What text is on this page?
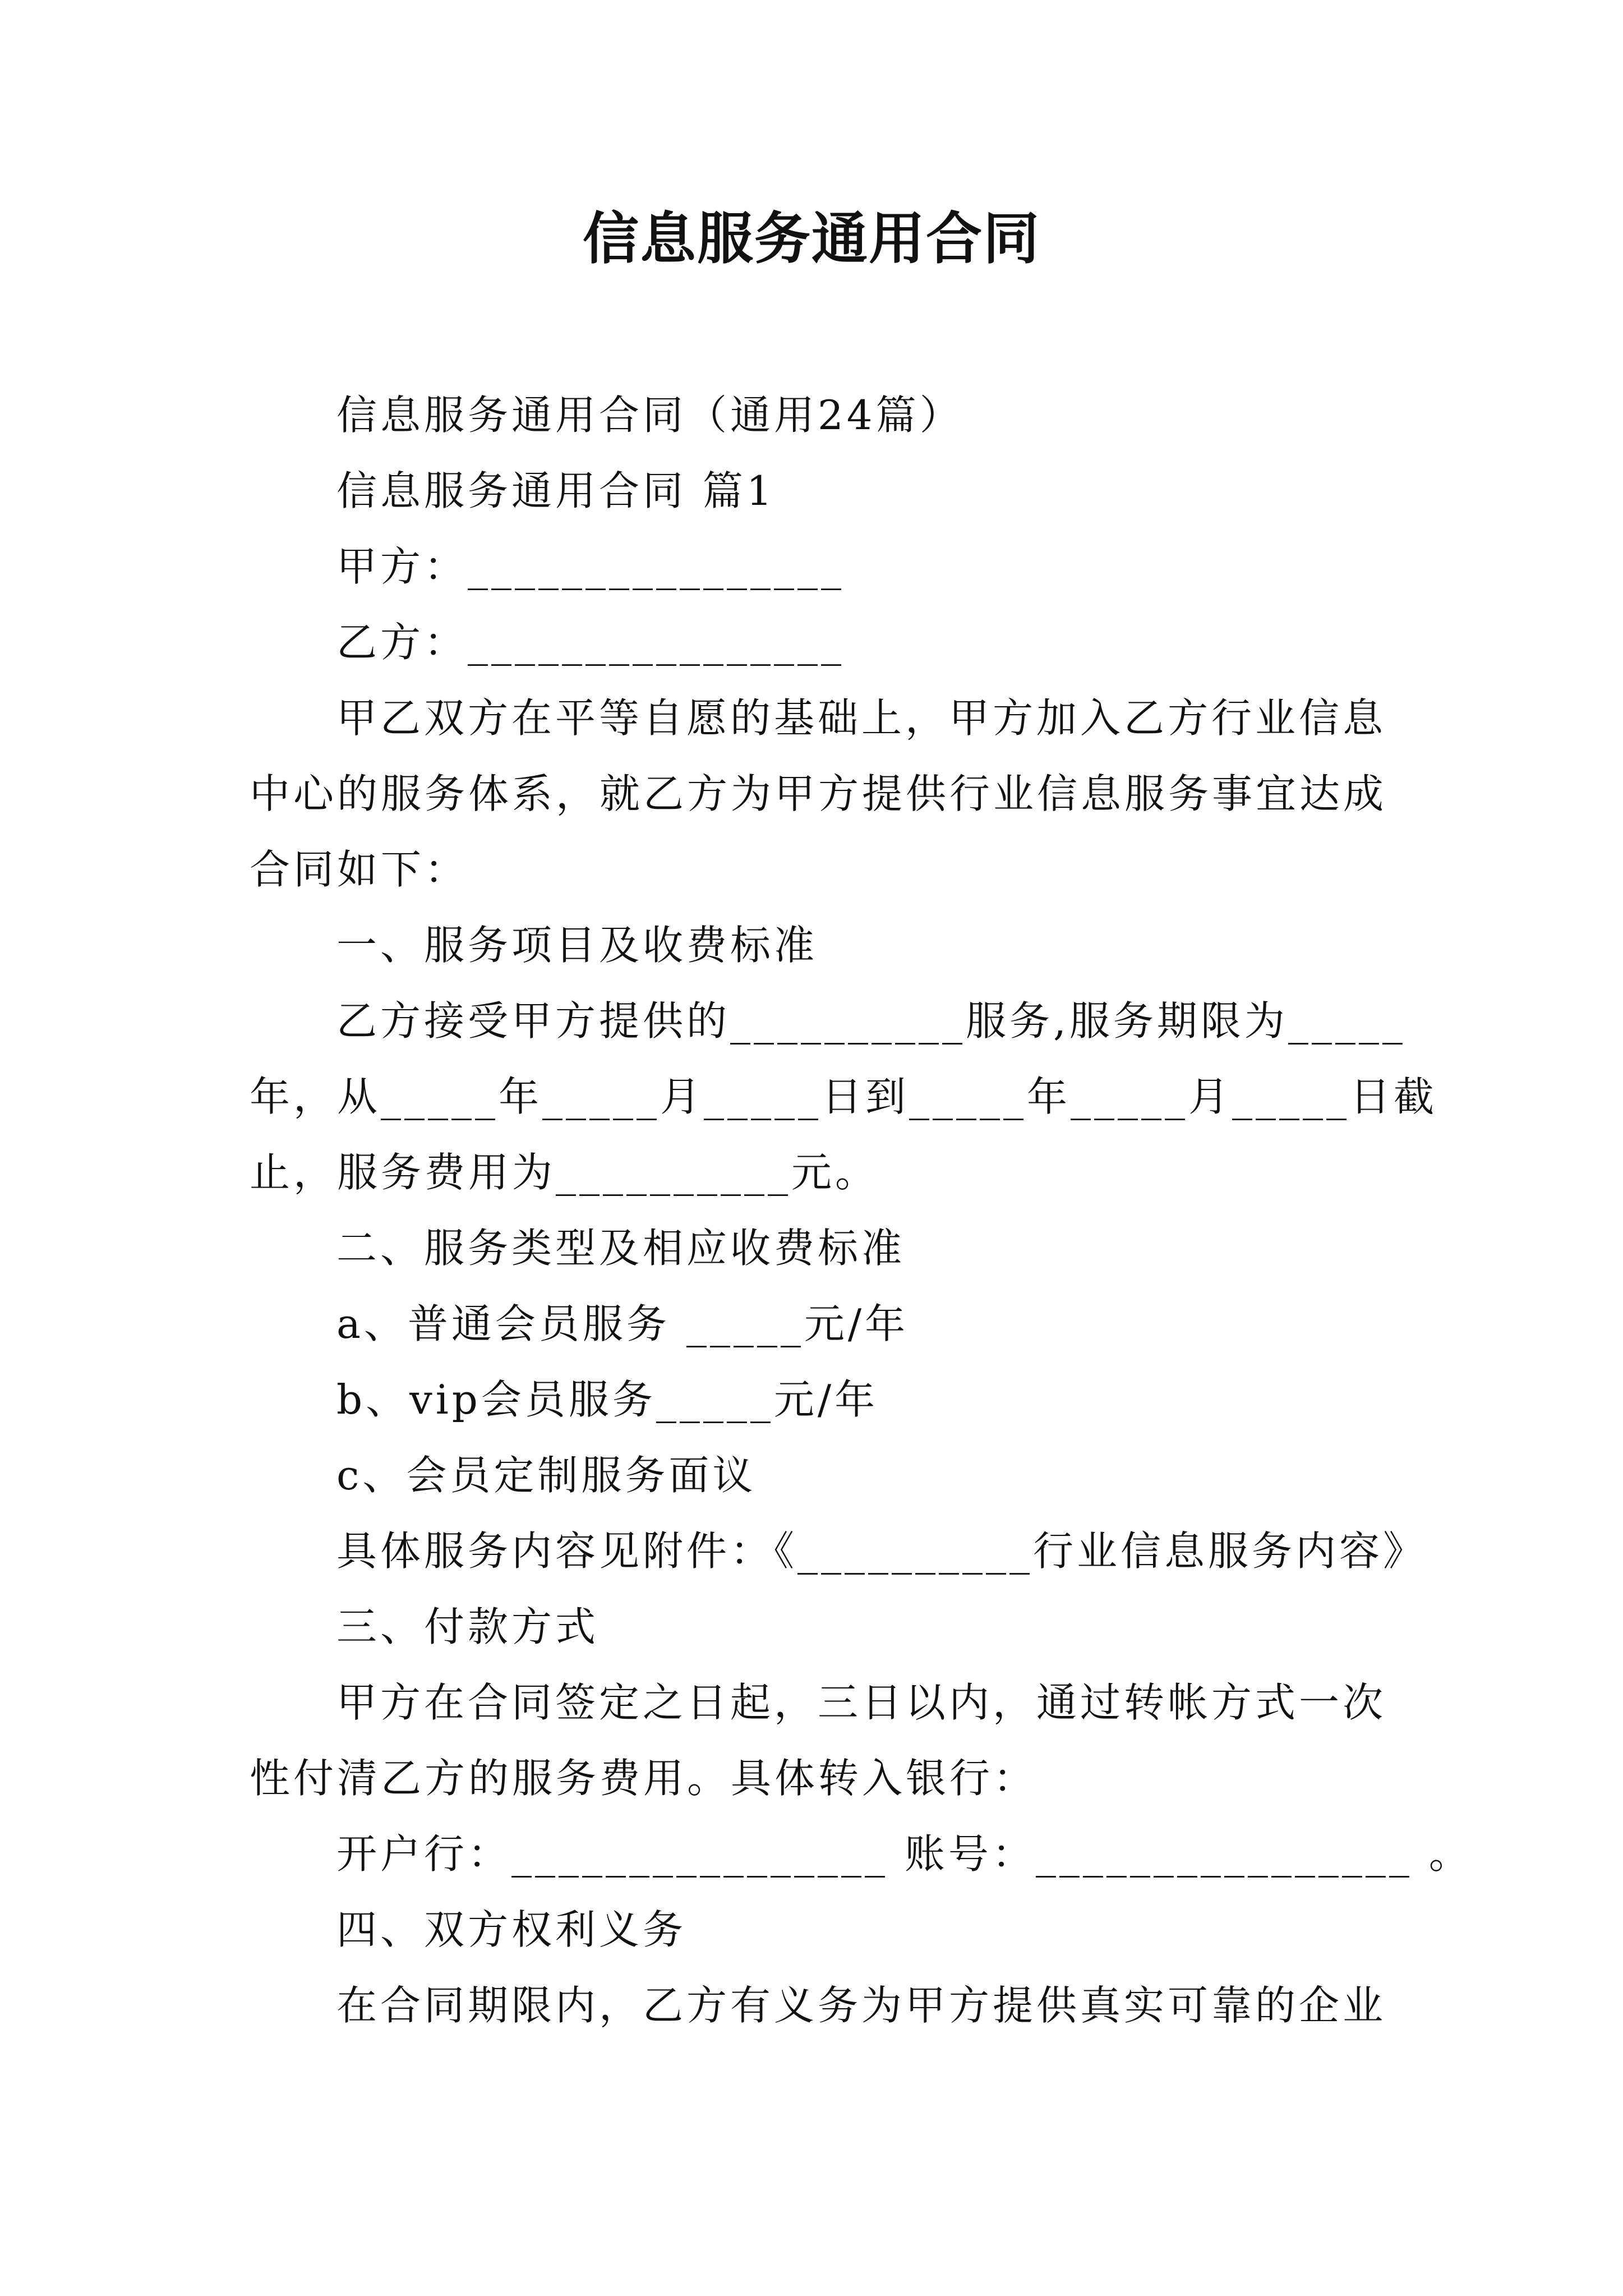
信息服务通用合同
信息服务通用合同（通用24篇）
信息服务通用合同 篇1
甲方：________________
乙方：________________
甲乙双方在平等自愿的基础上，甲方加入乙方行业信息
中心的服务体系，就乙方为甲方提供行业信息服务事宜达成
合同如下：
一、服务项目及收费标准
乙方接受甲方提供的__________服务,服务期限为_____
年，从_____年_____月_____日到_____年_____月_____日截
止，服务费用为__________元。
二、服务类型及相应收费标准
a、普通会员服务 _____元/年
b、vip会员服务_____元/年
c、会员定制服务面议
具体服务内容见附件：《__________行业信息服务内容》
三、付款方式
甲方在合同签定之日起，三日以内，通过转帐方式一次
性付清乙方的服务费用。具体转入银行：
开户行：________________ 账号：________________ 。
四、双方权利义务
在合同期限内，乙方有义务为甲方提供真实可靠的企业
